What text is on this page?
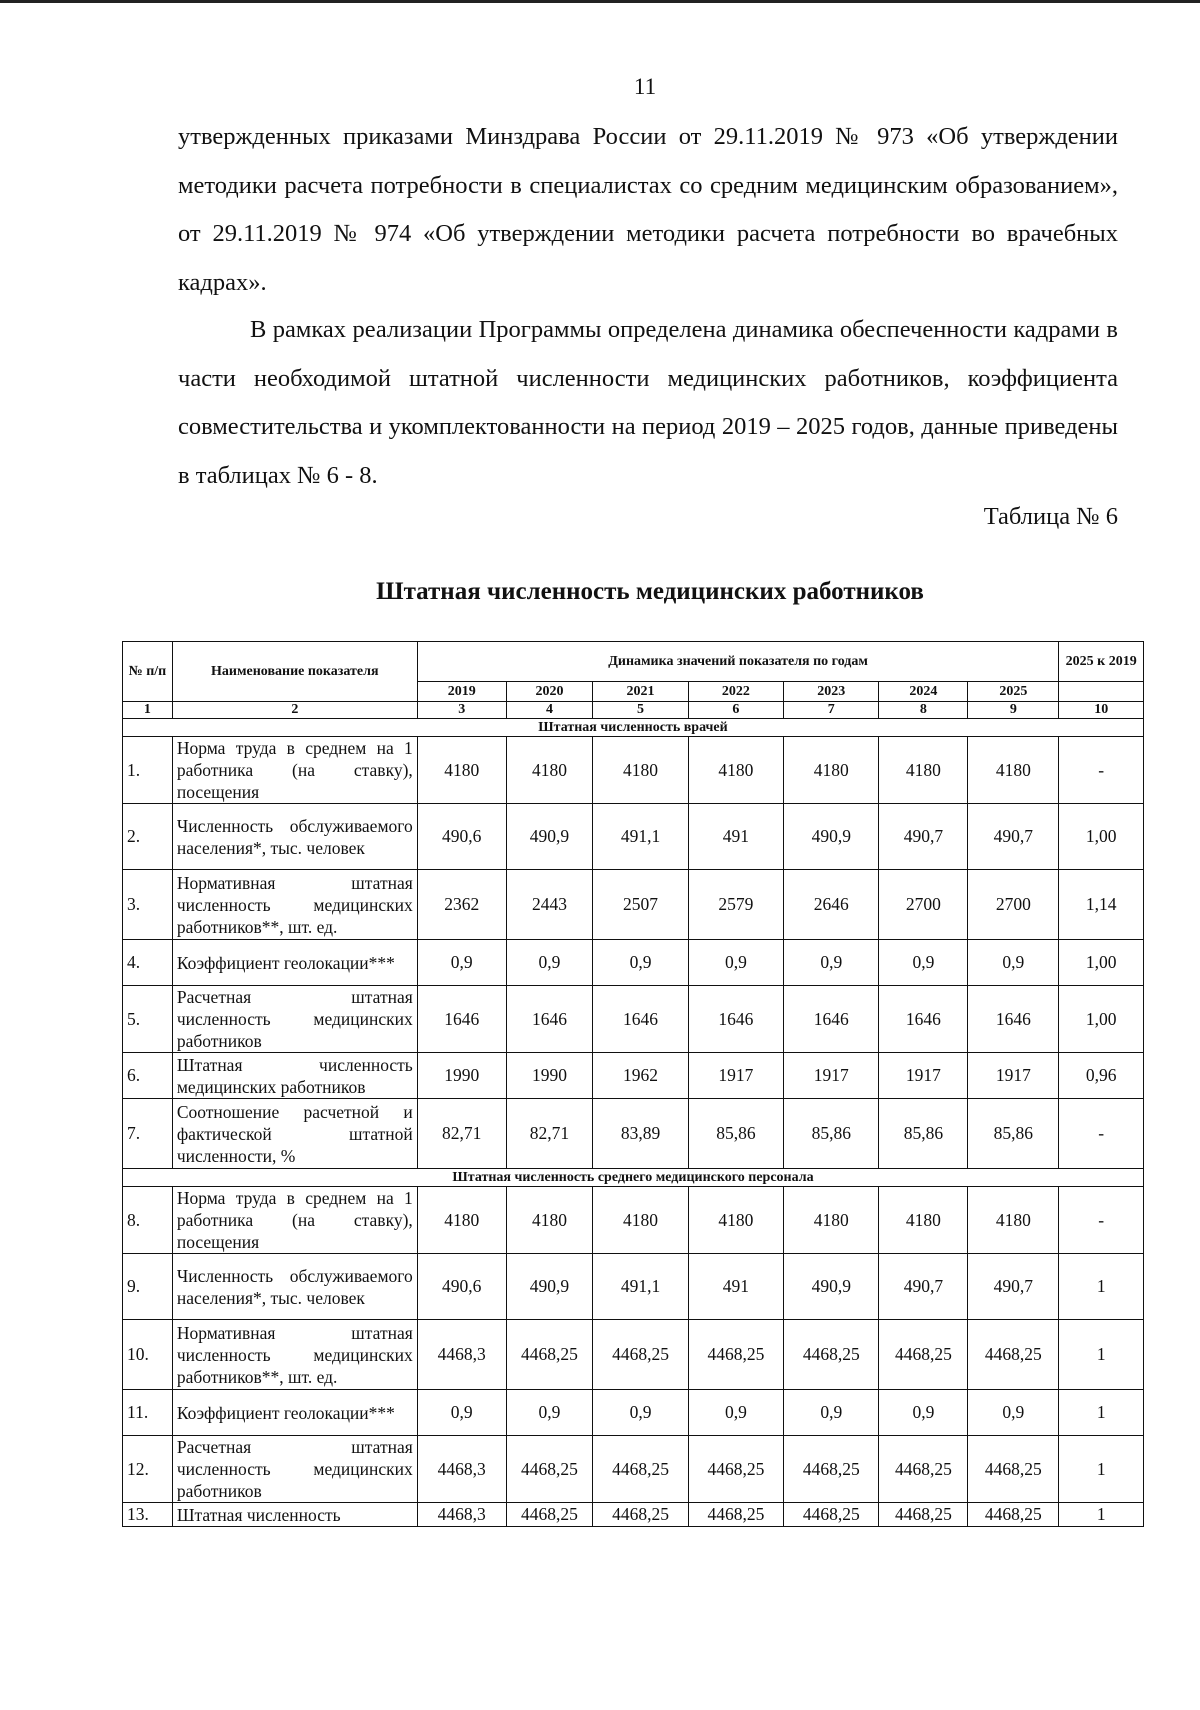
11
утвержденных приказами Минздрава России от 29.11.2019 № 973 «Об утверждении методики расчета потребности в специалистах со средним медицинским образованием», от 29.11.2019 № 974 «Об утверждении методики расчета потребности во врачебных кадрах».
В рамках реализации Программы определена динамика обеспеченности кадрами в части необходимой штатной численности медицинских работников, коэффициента совместительства и укомплектованности на период 2019 – 2025 годов, данные приведены в таблицах № 6 - 8.
Таблица № 6
Штатная численность медицинских работников
№ п/п	Наименование показателя	Динамика значений показателя по годам							2025 к 2019
		2019	2020	2021	2022	2023	2024	2025	
1	2	3	4	5	6	7	8	9	10
Штатная численность врачей									
1.	Норма труда в среднем на 1 работника (на ставку), посещения	4180	4180	4180	4180	4180	4180	4180	-
2.	Численность обслуживаемого населения*, тыс. человек	490,6	490,9	491,1	491	490,9	490,7	490,7	1,00
3.	Нормативная штатная численность медицинских работников**, шт. ед.	2362	2443	2507	2579	2646	2700	2700	1,14
4.	Коэффициент геолокации***	0,9	0,9	0,9	0,9	0,9	0,9	0,9	1,00
5.	Расчетная штатная численность медицинских работников	1646	1646	1646	1646	1646	1646	1646	1,00
6.	Штатная численность медицинских работников	1990	1990	1962	1917	1917	1917	1917	0,96
7.	Соотношение расчетной и фактической штатной численности, %	82,71	82,71	83,89	85,86	85,86	85,86	85,86	-
Штатная численность среднего медицинского персонала									
8.	Норма труда в среднем на 1 работника (на ставку), посещения	4180	4180	4180	4180	4180	4180	4180	-
9.	Численность обслуживаемого населения*, тыс. человек	490,6	490,9	491,1	491	490,9	490,7	490,7	1
10.	Нормативная штатная численность медицинских работников**, шт. ед.	4468,3	4468,25	4468,25	4468,25	4468,25	4468,25	4468,25	1
11.	Коэффициент геолокации***	0,9	0,9	0,9	0,9	0,9	0,9	0,9	1
12.	Расчетная штатная численность медицинских работников	4468,3	4468,25	4468,25	4468,25	4468,25	4468,25	4468,25	1
13.	Штатная численность	4468,3	4468,25	4468,25	4468,25	4468,25	4468,25	4468,25	1
